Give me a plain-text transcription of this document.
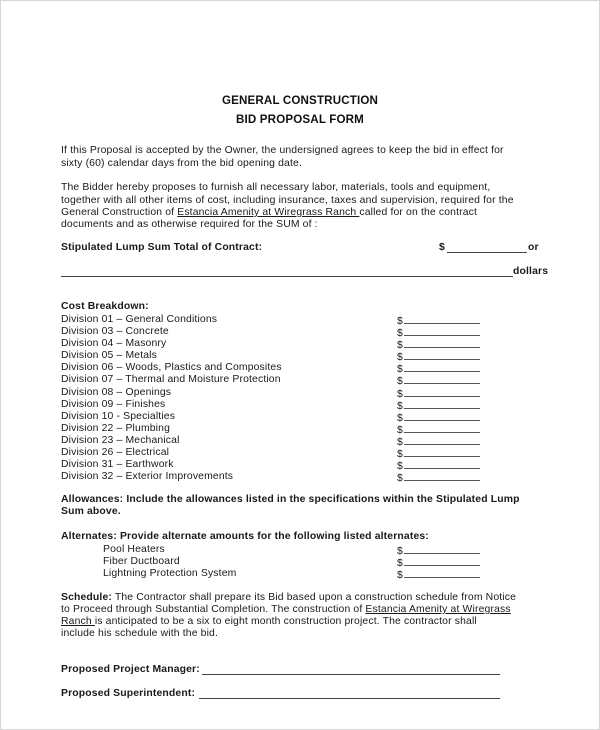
GENERAL CONSTRUCTION
BID PROPOSAL FORM
If this Proposal is accepted by the Owner, the undersigned agrees to keep the bid in effect for
sixty (60) calendar days from the bid opening date.
The Bidder hereby proposes to furnish all necessary labor, materials, tools and equipment,
together with all other items of cost, including insurance, taxes and supervision, required for the
General Construction of Estancia Amenity at Wiregrass Ranch called for on the contract
documents and as otherwise required for the SUM of :
Stipulated Lump Sum Total of Contract:	$	or
dollars
Cost Breakdown:
Division 01 – General Conditions
Division 03 – Concrete
Division 04 – Masonry
Division 05 – Metals
Division 06 – Woods, Plastics and Composites
Division 07 – Thermal and Moisture Protection
Division 08 – Openings
Division 09 – Finishes
Division 10 - Specialties
Division 22 – Plumbing
Division 23 – Mechanical
Division 26 – Electrical
Division 31 – Earthwork
Division 32 – Exterior Improvements
$
$
$
$
$
$
$
$
$
$
$
$
$
$
Allowances: Include the allowances listed in the specifications within the Stipulated Lump
Sum above.
Alternates: Provide alternate amounts for the following listed alternates:
Pool Heaters
Fiber Ductboard
Lightning Protection System
$
$
$
Schedule: The Contractor shall prepare its Bid based upon a construction schedule from Notice
to Proceed through Substantial Completion. The construction of Estancia Amenity at Wiregrass
Ranch is anticipated to be a six to eight month construction project. The contractor shall
include his schedule with the bid.
Proposed Project Manager:
Proposed Superintendent:
